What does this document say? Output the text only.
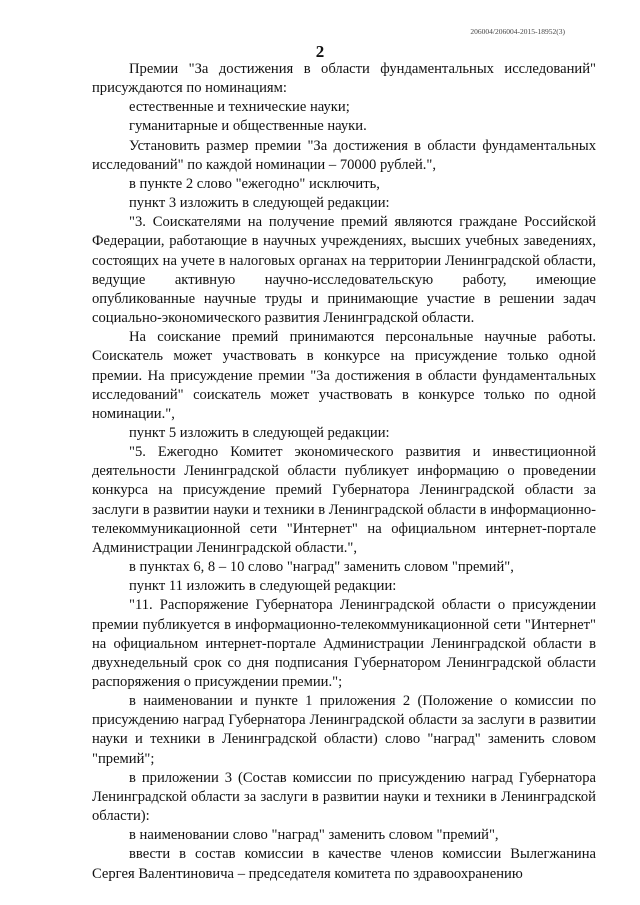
206004/206004-2015-18952(3)
2

Премии "За достижения в области фундаментальных исследований" присуждаются по номинациям:

естественные и технические науки;

гуманитарные и общественные науки.

Установить размер премии "За достижения в области фундаментальных исследований" по каждой номинации – 70000 рублей.",

в пункте 2 слово "ежегодно" исключить,

пункт 3 изложить в следующей редакции:

"3. Соискателями на получение премий являются граждане Российской Федерации, работающие в научных учреждениях, высших учебных заведениях, состоящих на учете в налоговых органах на территории Ленинградской области, ведущие активную научно-исследовательскую работу, имеющие опубликованные научные труды и принимающие участие в решении задач социально-экономического развития Ленинградской области.

На соискание премий принимаются персональные научные работы. Соискатель может участвовать в конкурсе на присуждение только одной премии. На присуждение премии "За достижения в области фундаментальных исследований" соискатель может участвовать в конкурсе только по одной номинации.",

пункт 5 изложить в следующей редакции:

"5. Ежегодно Комитет экономического развития и инвестиционной деятельности Ленинградской области публикует информацию о проведении конкурса на присуждение премий Губернатора Ленинградской области за заслуги в развитии науки и техники в Ленинградской области в информационно-телекоммуникационной сети "Интернет" на официальном интернет-портале Администрации Ленинградской области.",

в пунктах 6, 8 – 10 слово "наград" заменить словом "премий",

пункт 11 изложить в следующей редакции:

"11. Распоряжение Губернатора Ленинградской области о присуждении премии публикуется в информационно-телекоммуникационной сети "Интернет" на официальном интернет-портале Администрации Ленинградской области в двухнедельный срок со дня подписания Губернатором Ленинградской области распоряжения о присуждении премии.";

в наименовании и пункте 1 приложения 2 (Положение о комиссии по присуждению наград Губернатора Ленинградской области за заслуги в развитии науки и техники в Ленинградской области) слово "наград" заменить словом "премий";

в приложении 3 (Состав комиссии по присуждению наград Губернатора Ленинградской области за заслуги в развитии науки и техники в Ленинградской области):

в наименовании слово "наград" заменить словом "премий",

ввести в состав комиссии в качестве членов комиссии Вылегжанина Сергея Валентиновича – председателя комитета по здравоохранению
